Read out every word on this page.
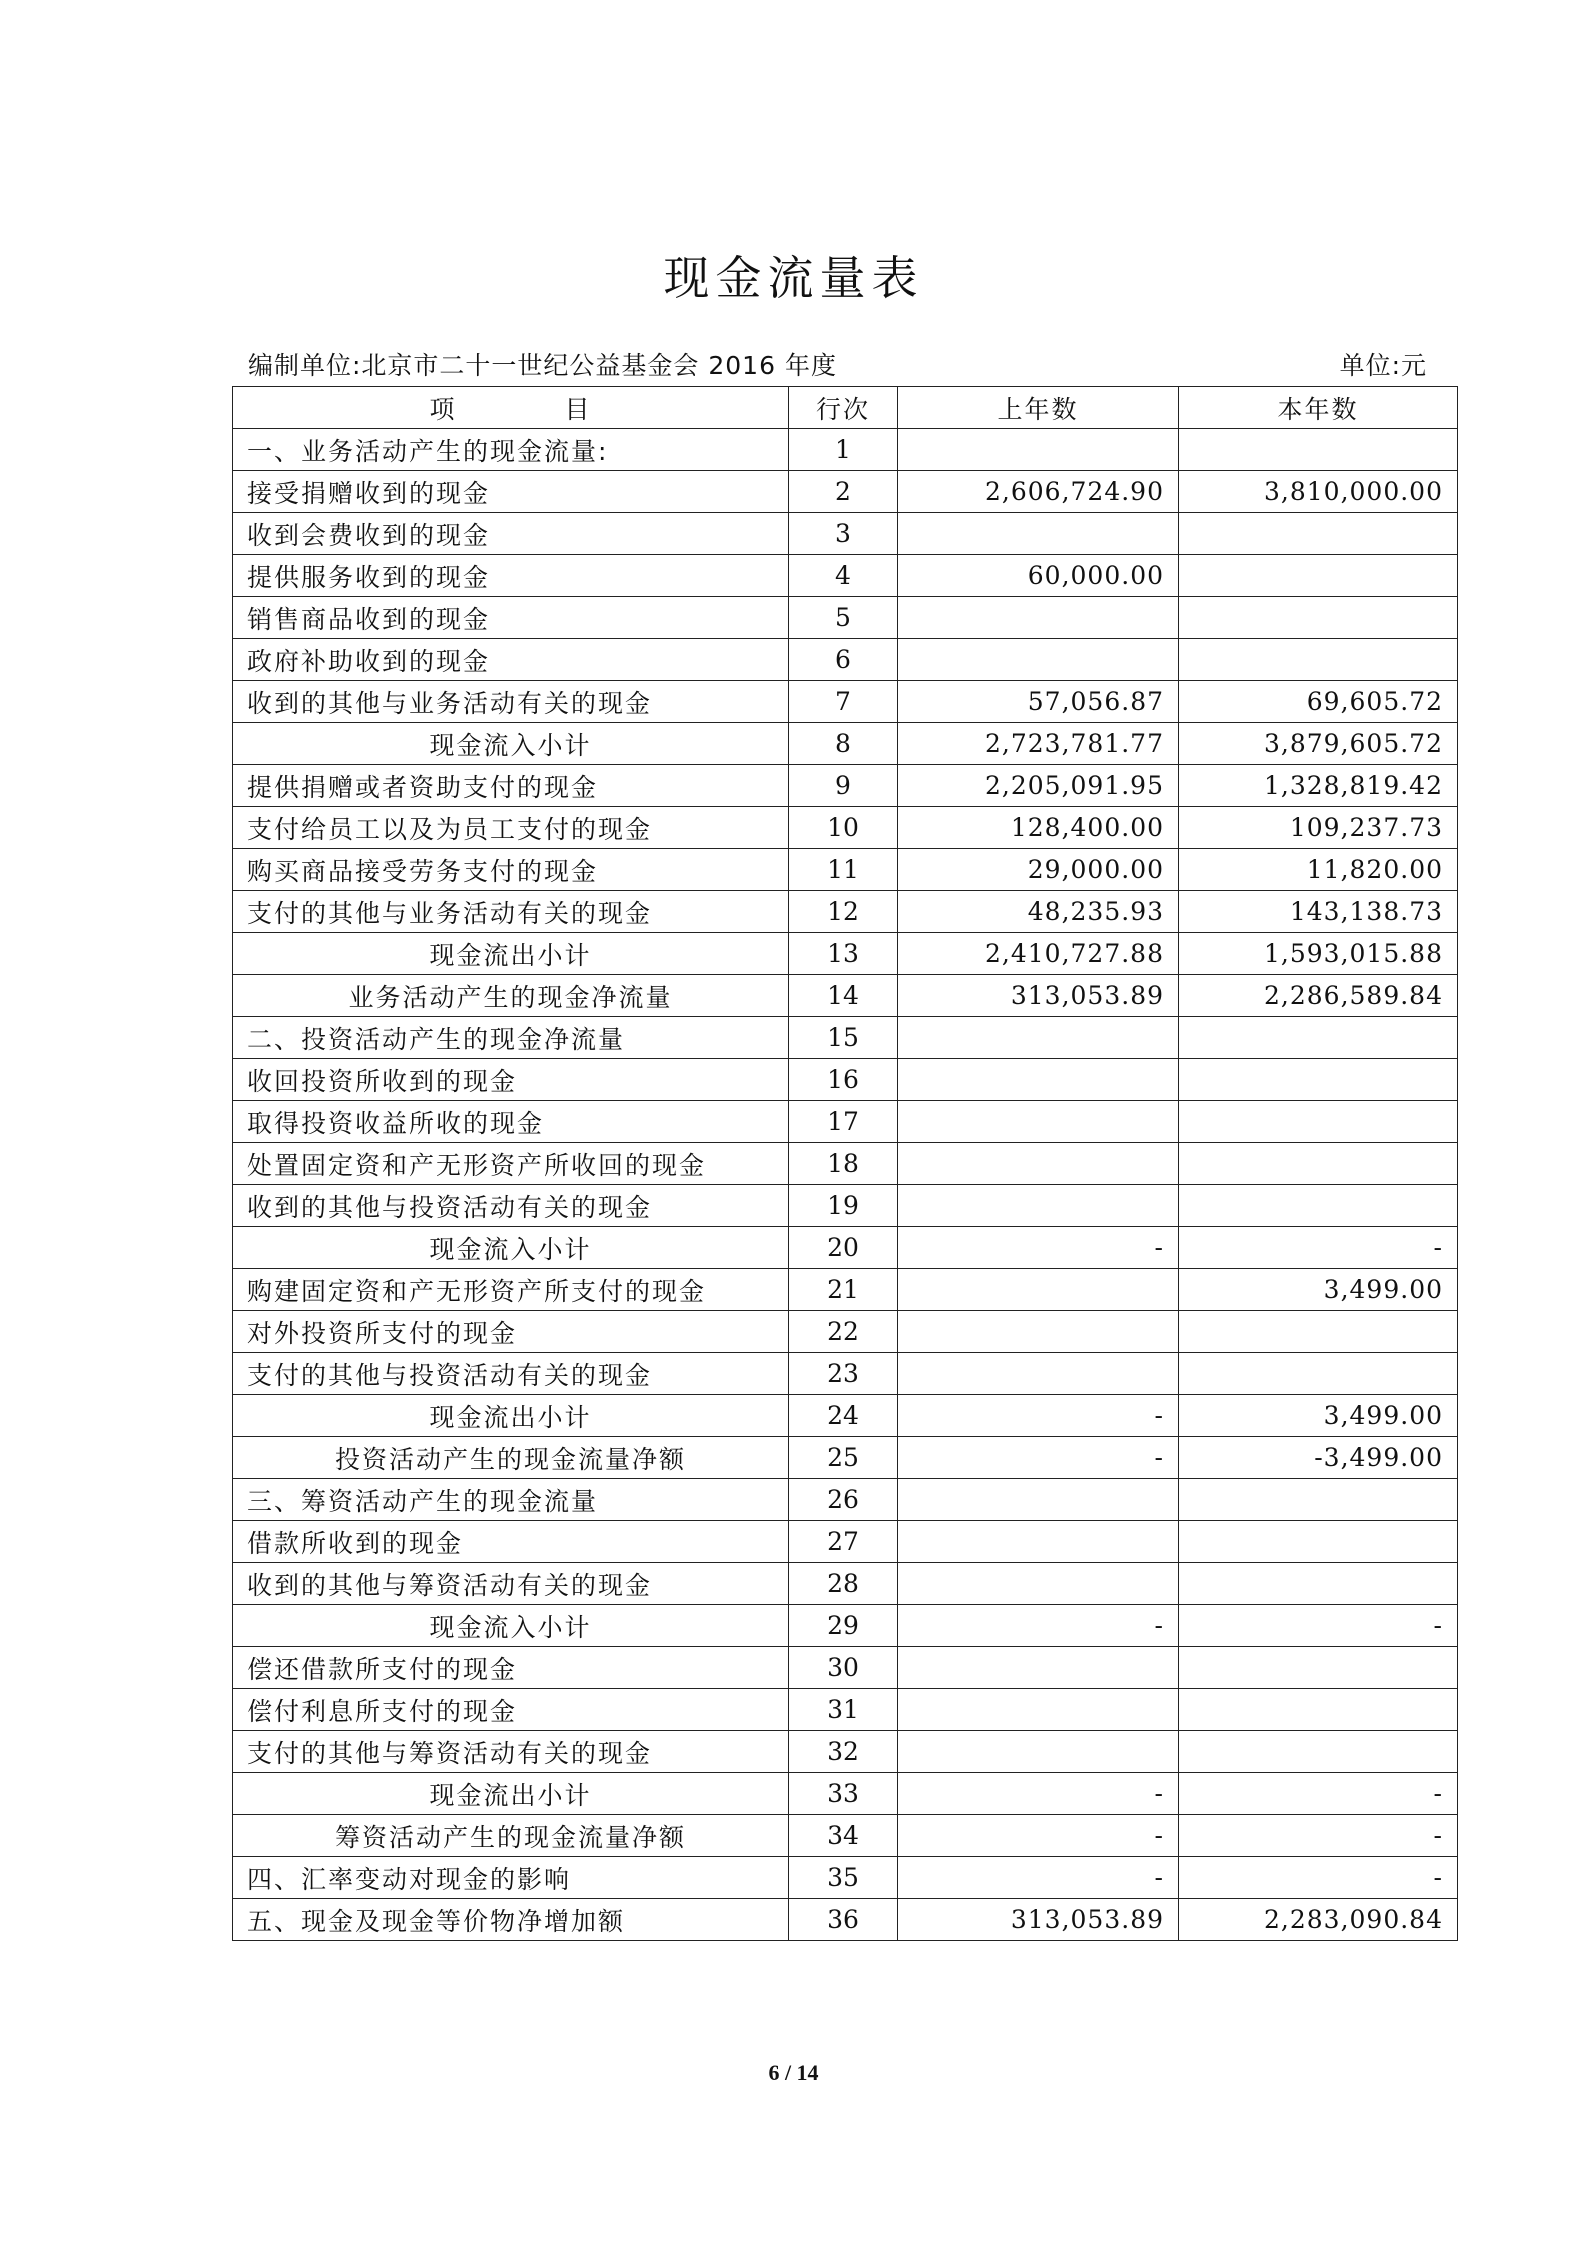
现金流量表
编制单位:北京市二十一世纪公益基金会 2016 年度	单位:元
项　　　　目	行次	上年数	本年数
一、业务活动产生的现金流量:	1		
接受捐赠收到的现金	2	2,606,724.90	3,810,000.00
收到会费收到的现金	3		
提供服务收到的现金	4	60,000.00	
销售商品收到的现金	5		
政府补助收到的现金	6		
收到的其他与业务活动有关的现金	7	57,056.87	69,605.72
现金流入小计	8	2,723,781.77	3,879,605.72
提供捐赠或者资助支付的现金	9	2,205,091.95	1,328,819.42
支付给员工以及为员工支付的现金	10	128,400.00	109,237.73
购买商品接受劳务支付的现金	11	29,000.00	11,820.00
支付的其他与业务活动有关的现金	12	48,235.93	143,138.73
现金流出小计	13	2,410,727.88	1,593,015.88
业务活动产生的现金净流量	14	313,053.89	2,286,589.84
二、投资活动产生的现金净流量	15		
收回投资所收到的现金	16		
取得投资收益所收的现金	17		
处置固定资和产无形资产所收回的现金	18		
收到的其他与投资活动有关的现金	19		
现金流入小计	20	-	-
购建固定资和产无形资产所支付的现金	21		3,499.00
对外投资所支付的现金	22		
支付的其他与投资活动有关的现金	23		
现金流出小计	24	-	3,499.00
投资活动产生的现金流量净额	25	-	-3,499.00
三、筹资活动产生的现金流量	26		
借款所收到的现金	27		
收到的其他与筹资活动有关的现金	28		
现金流入小计	29	-	-
偿还借款所支付的现金	30		
偿付利息所支付的现金	31		
支付的其他与筹资活动有关的现金	32		
现金流出小计	33	-	-
筹资活动产生的现金流量净额	34	-	-
四、汇率变动对现金的影响	35	-	-
五、现金及现金等价物净增加额	36	313,053.89	2,283,090.84
6 / 14
